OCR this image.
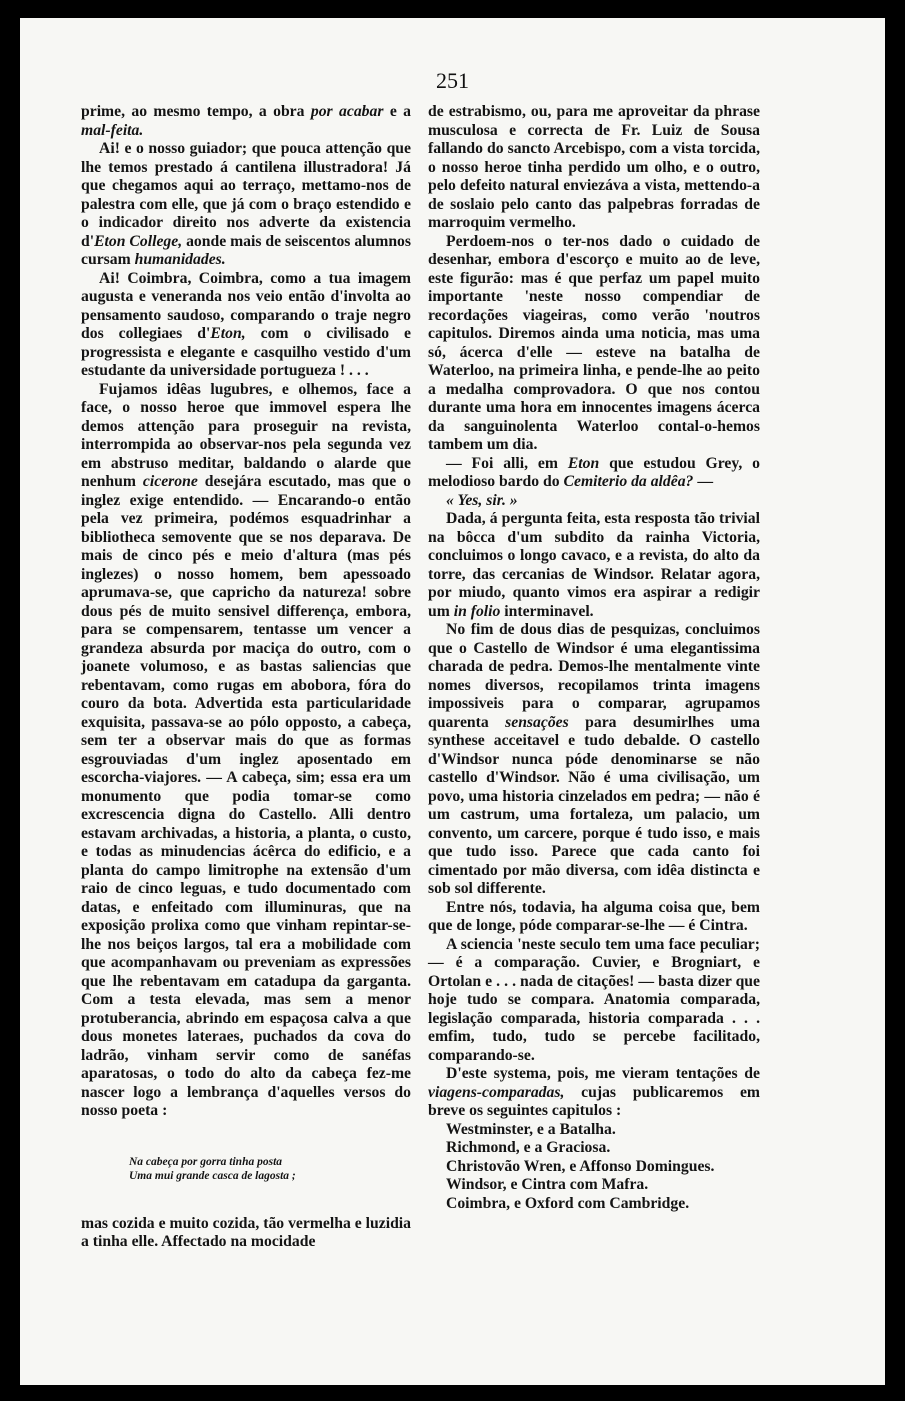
251

prime, ao mesmo tempo, a obra por acabar e a mal-feita.

Ai! e o nosso guiador; que pouca attenção que lhe temos prestado á cantilena illustradora! Já que chegamos aqui ao terraço, mettamo-nos de palestra com elle, que já com o braço estendido e o indicador direito nos adverte da existencia d'Eton College, aonde mais de seiscentos alumnos cursam humanidades.

Ai! Coimbra, Coimbra, como a tua imagem augusta e veneranda nos veio então d'involta ao pensamento saudoso, comparando o traje negro dos collegiaes d'Eton, com o civilisado e progressista e elegante e casquilho vestido d'um estudante da universidade portugueza ! . . .

Fujamos idêas lugubres, e olhemos, face a face, o nosso heroe que immovel espera lhe demos attenção para proseguir na revista, interrompida ao observar-nos pela segunda vez em abstruso meditar, baldando o alarde que nenhum cicerone desejára escutado, mas que o inglez exige entendido. — Encarando-o então pela vez primeira, podémos esquadrinhar a bibliotheca semovente que se nos deparava. De mais de cinco pés e meio d'altura (mas pés inglezes) o nosso homem, bem apessoado aprumava-se, que capricho da natureza! sobre dous pés de muito sensivel differença, embora, para se compensarem, tentasse um vencer a grandeza absurda por maciça do outro, com o joanete volumoso, e as bastas saliencias que rebentavam, como rugas em abobora, fóra do couro da bota. Advertida esta particularidade exquisita, passava-se ao pólo opposto, a cabeça, sem ter a observar mais do que as formas esgrouviadas d'um inglez aposentado em escorcha-viajores. — A cabeça, sim; essa era um monumento que podia tomar-se como excrescencia digna do Castello. Alli dentro estavam archivadas, a historia, a planta, o custo, e todas as minudencias ácêrca do edificio, e a planta do campo limitrophe na extensão d'um raio de cinco leguas, e tudo documentado com datas, e enfeitado com illuminuras, que na exposição prolixa como que vinham repintar-se-lhe nos beiços largos, tal era a mobilidade com que acompanhavam ou preveniam as expressões que lhe rebentavam em catadupa da garganta. Com a testa elevada, mas sem a menor protuberancia, abrindo em espaçosa calva a que dous monetes lateraes, puchados da cova do ladrão, vinham servir como de sanéfas aparatosas, o todo do alto da cabeça fez-me nascer logo a lembrança d'aquelles versos do nosso poeta :

Na cabeça por gorra tinha posta
Uma mui grande casca de lagosta ;

mas cozida e muito cozida, tão vermelha e luzidia a tinha elle. Affectado na mocidade

de estrabismo, ou, para me aproveitar da phrase musculosa e correcta de Fr. Luiz de Sousa fallando do sancto Arcebispo, com a vista torcida, o nosso heroe tinha perdido um olho, e o outro, pelo defeito natural enviezáva a vista, mettendo-a de soslaio pelo canto das palpebras forradas de marroquim vermelho.

Perdoem-nos o ter-nos dado o cuidado de desenhar, embora d'escorço e muito ao de leve, este figurão: mas é que perfaz um papel muito importante 'neste nosso compendiar de recordações viageiras, como verão 'noutros capitulos. Diremos ainda uma noticia, mas uma só, ácerca d'elle — esteve na batalha de Waterloo, na primeira linha, e pende-lhe ao peito a medalha comprovadora. O que nos contou durante uma hora em innocentes imagens ácerca da sanguinolenta Waterloo contal-o-hemos tambem um dia.

— Foi alli, em Eton que estudou Grey, o melodioso bardo do Cemiterio da aldêa? —

« Yes, sir. »

Dada, á pergunta feita, esta resposta tão trivial na bôcca d'um subdito da rainha Victoria, concluimos o longo cavaco, e a revista, do alto da torre, das cercanias de Windsor. Relatar agora, por miudo, quanto vimos era aspirar a redigir um in folio interminavel.

No fim de dous dias de pesquizas, concluimos que o Castello de Windsor é uma elegantissima charada de pedra. Demos-lhe mentalmente vinte nomes diversos, recopilamos trinta imagens impossiveis para o comparar, agrupamos quarenta sensações para desumirlhes uma synthese acceitavel e tudo debalde. O castello d'Windsor nunca póde denominarse se não castello d'Windsor. Não é uma civilisação, um povo, uma historia cinzelados em pedra; — não é um castrum, uma fortaleza, um palacio, um convento, um carcere, porque é tudo isso, e mais que tudo isso. Parece que cada canto foi cimentado por mão diversa, com idêa distincta e sob sol differente.

Entre nós, todavia, ha alguma coisa que, bem que de longe, póde comparar-se-lhe — é Cintra.

A sciencia 'neste seculo tem uma face peculiar; — é a comparação. Cuvier, e Brogniart, e Ortolan e . . . nada de citações! — basta dizer que hoje tudo se compara. Anatomia comparada, legislação comparada, historia comparada . . . emfim, tudo, tudo se percebe facilitado, comparando-se.

D'este systema, pois, me vieram tentações de viagens-comparadas, cujas publicaremos em breve os seguintes capitulos :

Westminster, e a Batalha.
Richmond, e a Graciosa.
Christovão Wren, e Affonso Domingues.
Windsor, e Cintra com Mafra.
Coimbra, e Oxford com Cambridge.
